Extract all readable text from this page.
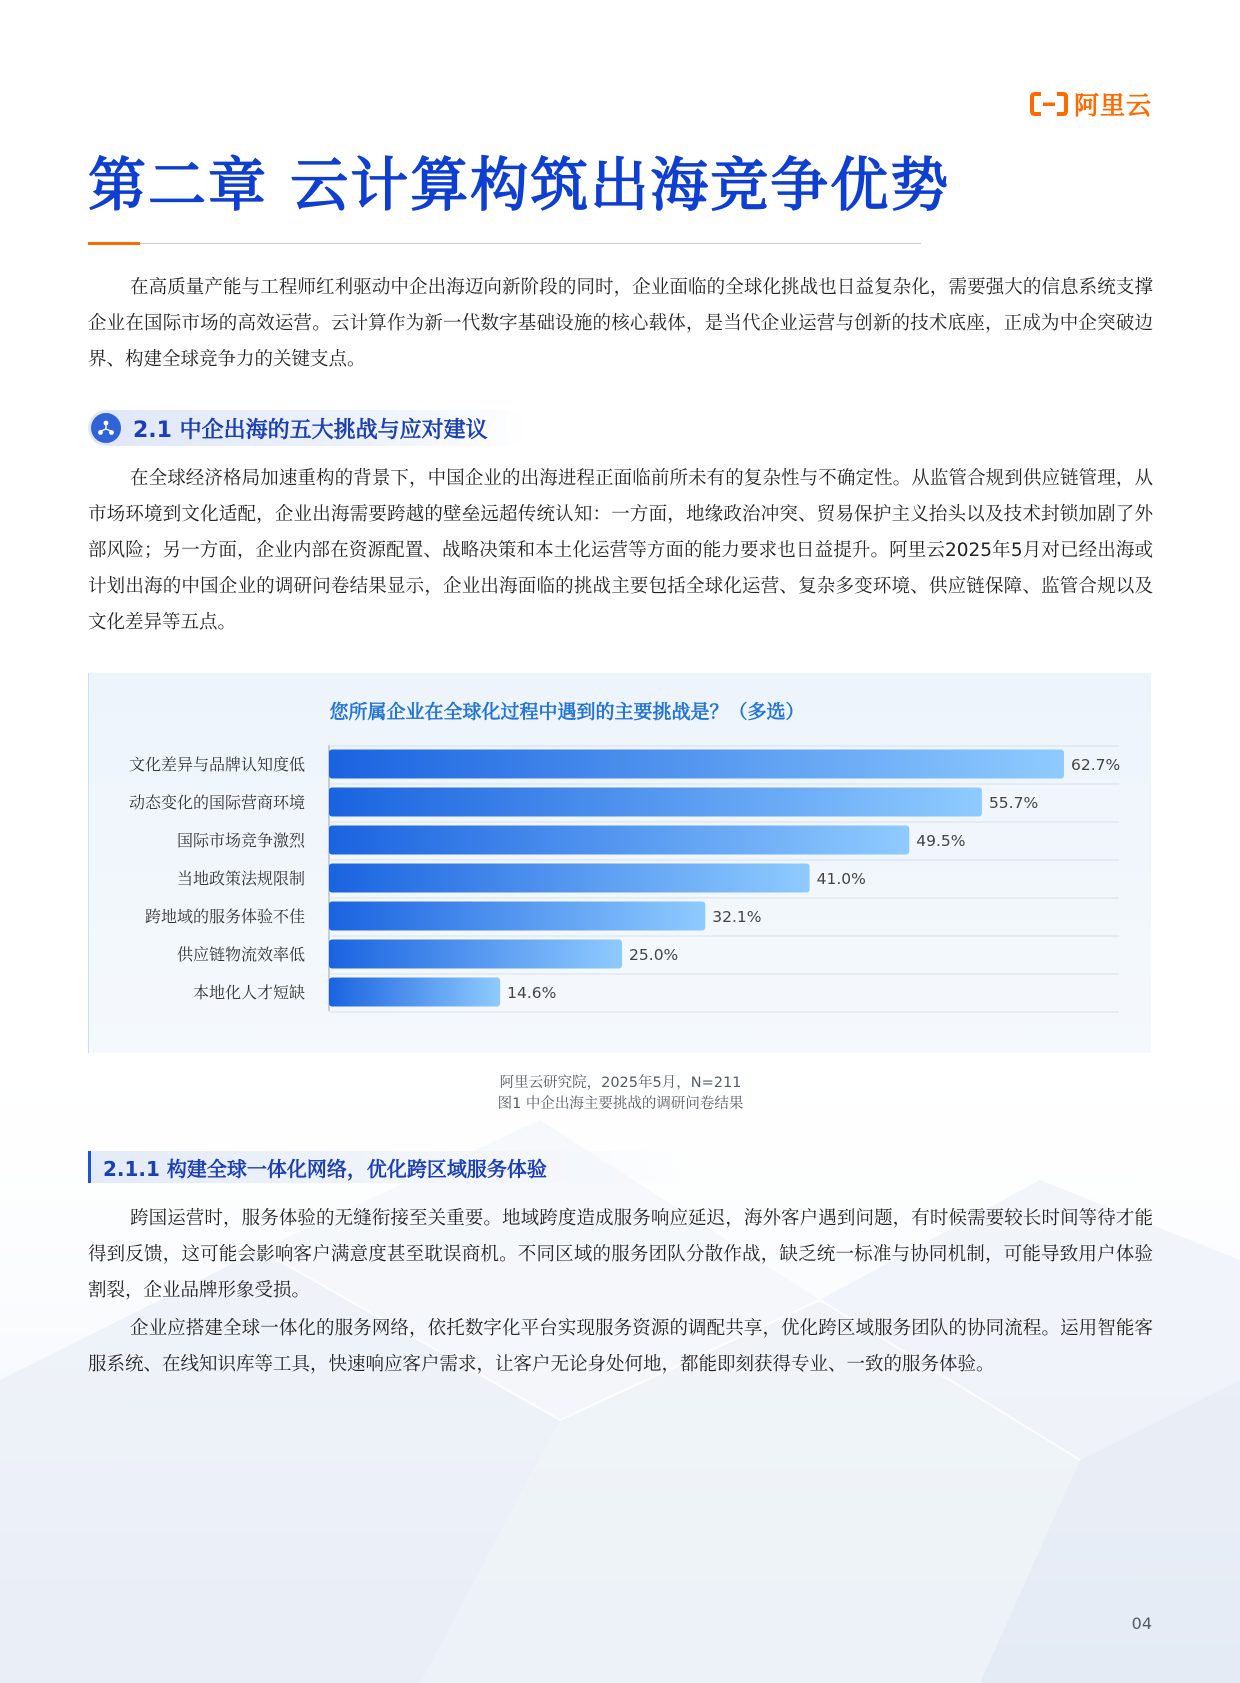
阿里云
第二章 云计算构筑出海竞争优势

在高质量产能与工程师红利驱动中企出海迈向新阶段的同时，企业面临的全球化挑战也日益复杂化，需要强大的信息系统支撑企业在国际市场的高效运营。云计算作为新一代数字基础设施的核心载体，是当代企业运营与创新的技术底座，正成为中企突破边界、构建全球竞争力的关键支点。

2.1 中企出海的五大挑战与应对建议

在全球经济格局加速重构的背景下，中国企业的出海进程正面临前所未有的复杂性与不确定性。从监管合规到供应链管理，从市场环境到文化适配，企业出海需要跨越的壁垒远超传统认知：一方面，地缘政治冲突、贸易保护主义抬头以及技术封锁加剧了外部风险；另一方面，企业内部在资源配置、战略决策和本土化运营等方面的能力要求也日益提升。阿里云2025年5月对已经出海或计划出海的中国企业的调研问卷结果显示，企业出海面临的挑战主要包括全球化运营、复杂多变环境、供应链保障、监管合规以及文化差异等五点。

您所属企业在全球化过程中遇到的主要挑战是？（多选）
文化差异与品牌认知度低	62.7%
动态变化的国际营商环境	55.7%
国际市场竞争激烈	49.5%
当地政策法规限制	41.0%
跨地域的服务体验不佳	32.1%
供应链物流效率低	25.0%
本地化人才短缺	14.6%

阿里云研究院，2025年5月，N=211

图1 中企出海主要挑战的调研问卷结果

2.1.1 构建全球一体化网络，优化跨区域服务体验

跨国运营时，服务体验的无缝衔接至关重要。地域跨度造成服务响应延迟，海外客户遇到问题，有时候需要较长时间等待才能得到反馈，这可能会影响客户满意度甚至耽误商机。不同区域的服务团队分散作战，缺乏统一标准与协同机制，可能导致用户体验割裂，企业品牌形象受损。

企业应搭建全球一体化的服务网络，依托数字化平台实现服务资源的调配共享，优化跨区域服务团队的协同流程。运用智能客服系统、在线知识库等工具，快速响应客户需求，让客户无论身处何地，都能即刻获得专业、一致的服务体验。

04
